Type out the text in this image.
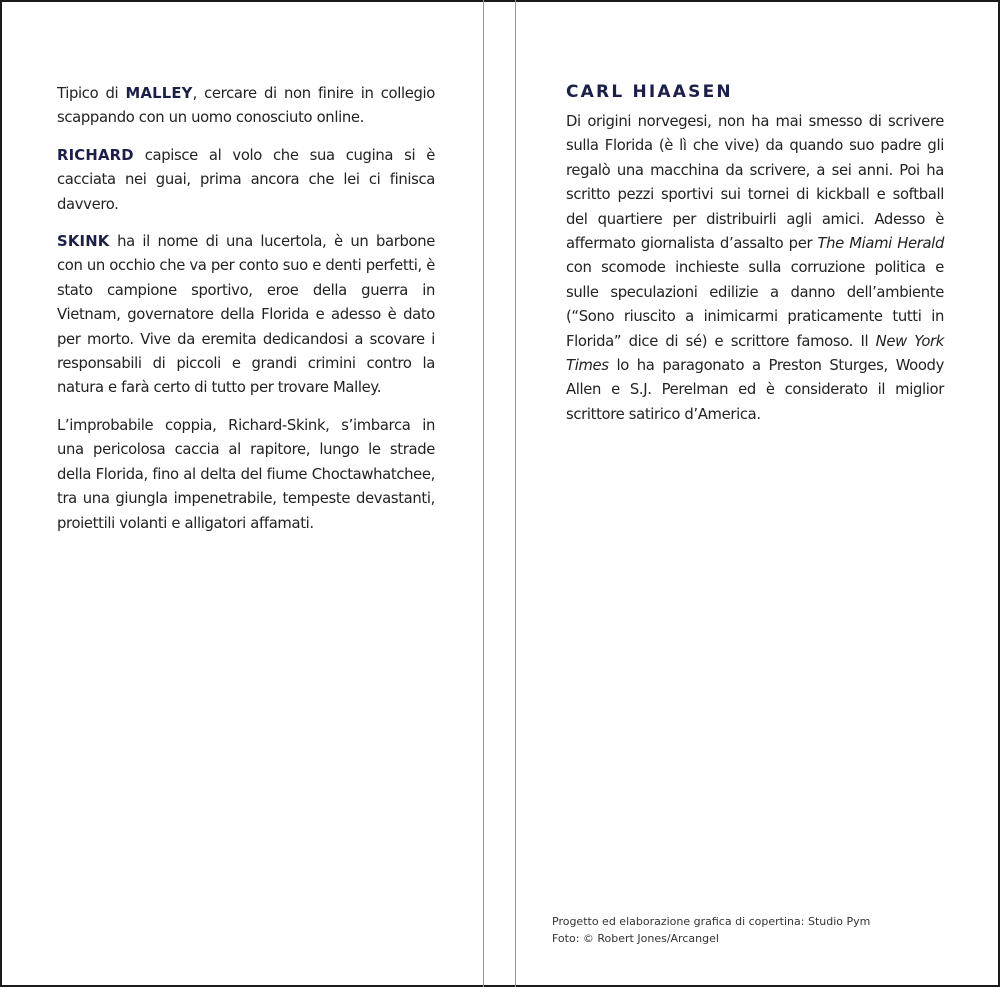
Tipico di MALLEY, cercare di non finire in collegio scappando con un uomo conosciuto online.

RICHARD capisce al volo che sua cugina si è cacciata nei guai, prima ancora che lei ci finisca davvero.

SKINK ha il nome di una lucertola, è un barbone con un occhio che va per conto suo e denti perfetti, è stato campione sportivo, eroe della guerra in Vietnam, governatore della Florida e adesso è dato per morto. Vive da eremita dedicandosi a scovare i responsabili di piccoli e grandi crimini contro la natura e farà certo di tutto per trovare Malley.

L’improbabile coppia, Richard-Skink, s’imbarca in una pericolosa caccia al rapitore, lungo le strade della Florida, fino al delta del fiume Choctawhatchee, tra una giungla impenetrabile, tempeste devastanti, proiettili volanti e alligatori affamati.

CARL HIAASEN

Di origini norvegesi, non ha mai smesso di scrivere sulla Florida (è lì che vive) da quando suo padre gli regalò una macchina da scrivere, a sei anni. Poi ha scritto pezzi sportivi sui tornei di kickball e softball del quartiere per distribuirli agli amici. Adesso è affermato giornalista d’assalto per The Miami Herald con scomode inchieste sulla corruzione politica e sulle speculazioni edilizie a danno dell’ambiente (“Sono riuscito a inimicarmi praticamente tutti in Florida” dice di sé) e scrittore famoso. Il New York Times lo ha paragonato a Preston Sturges, Woody Allen e S.J. Perelman ed è considerato il miglior scrittore satirico d’America.

Progetto ed elaborazione grafica di copertina: Studio Pym
Foto: © Robert Jones/Arcangel
